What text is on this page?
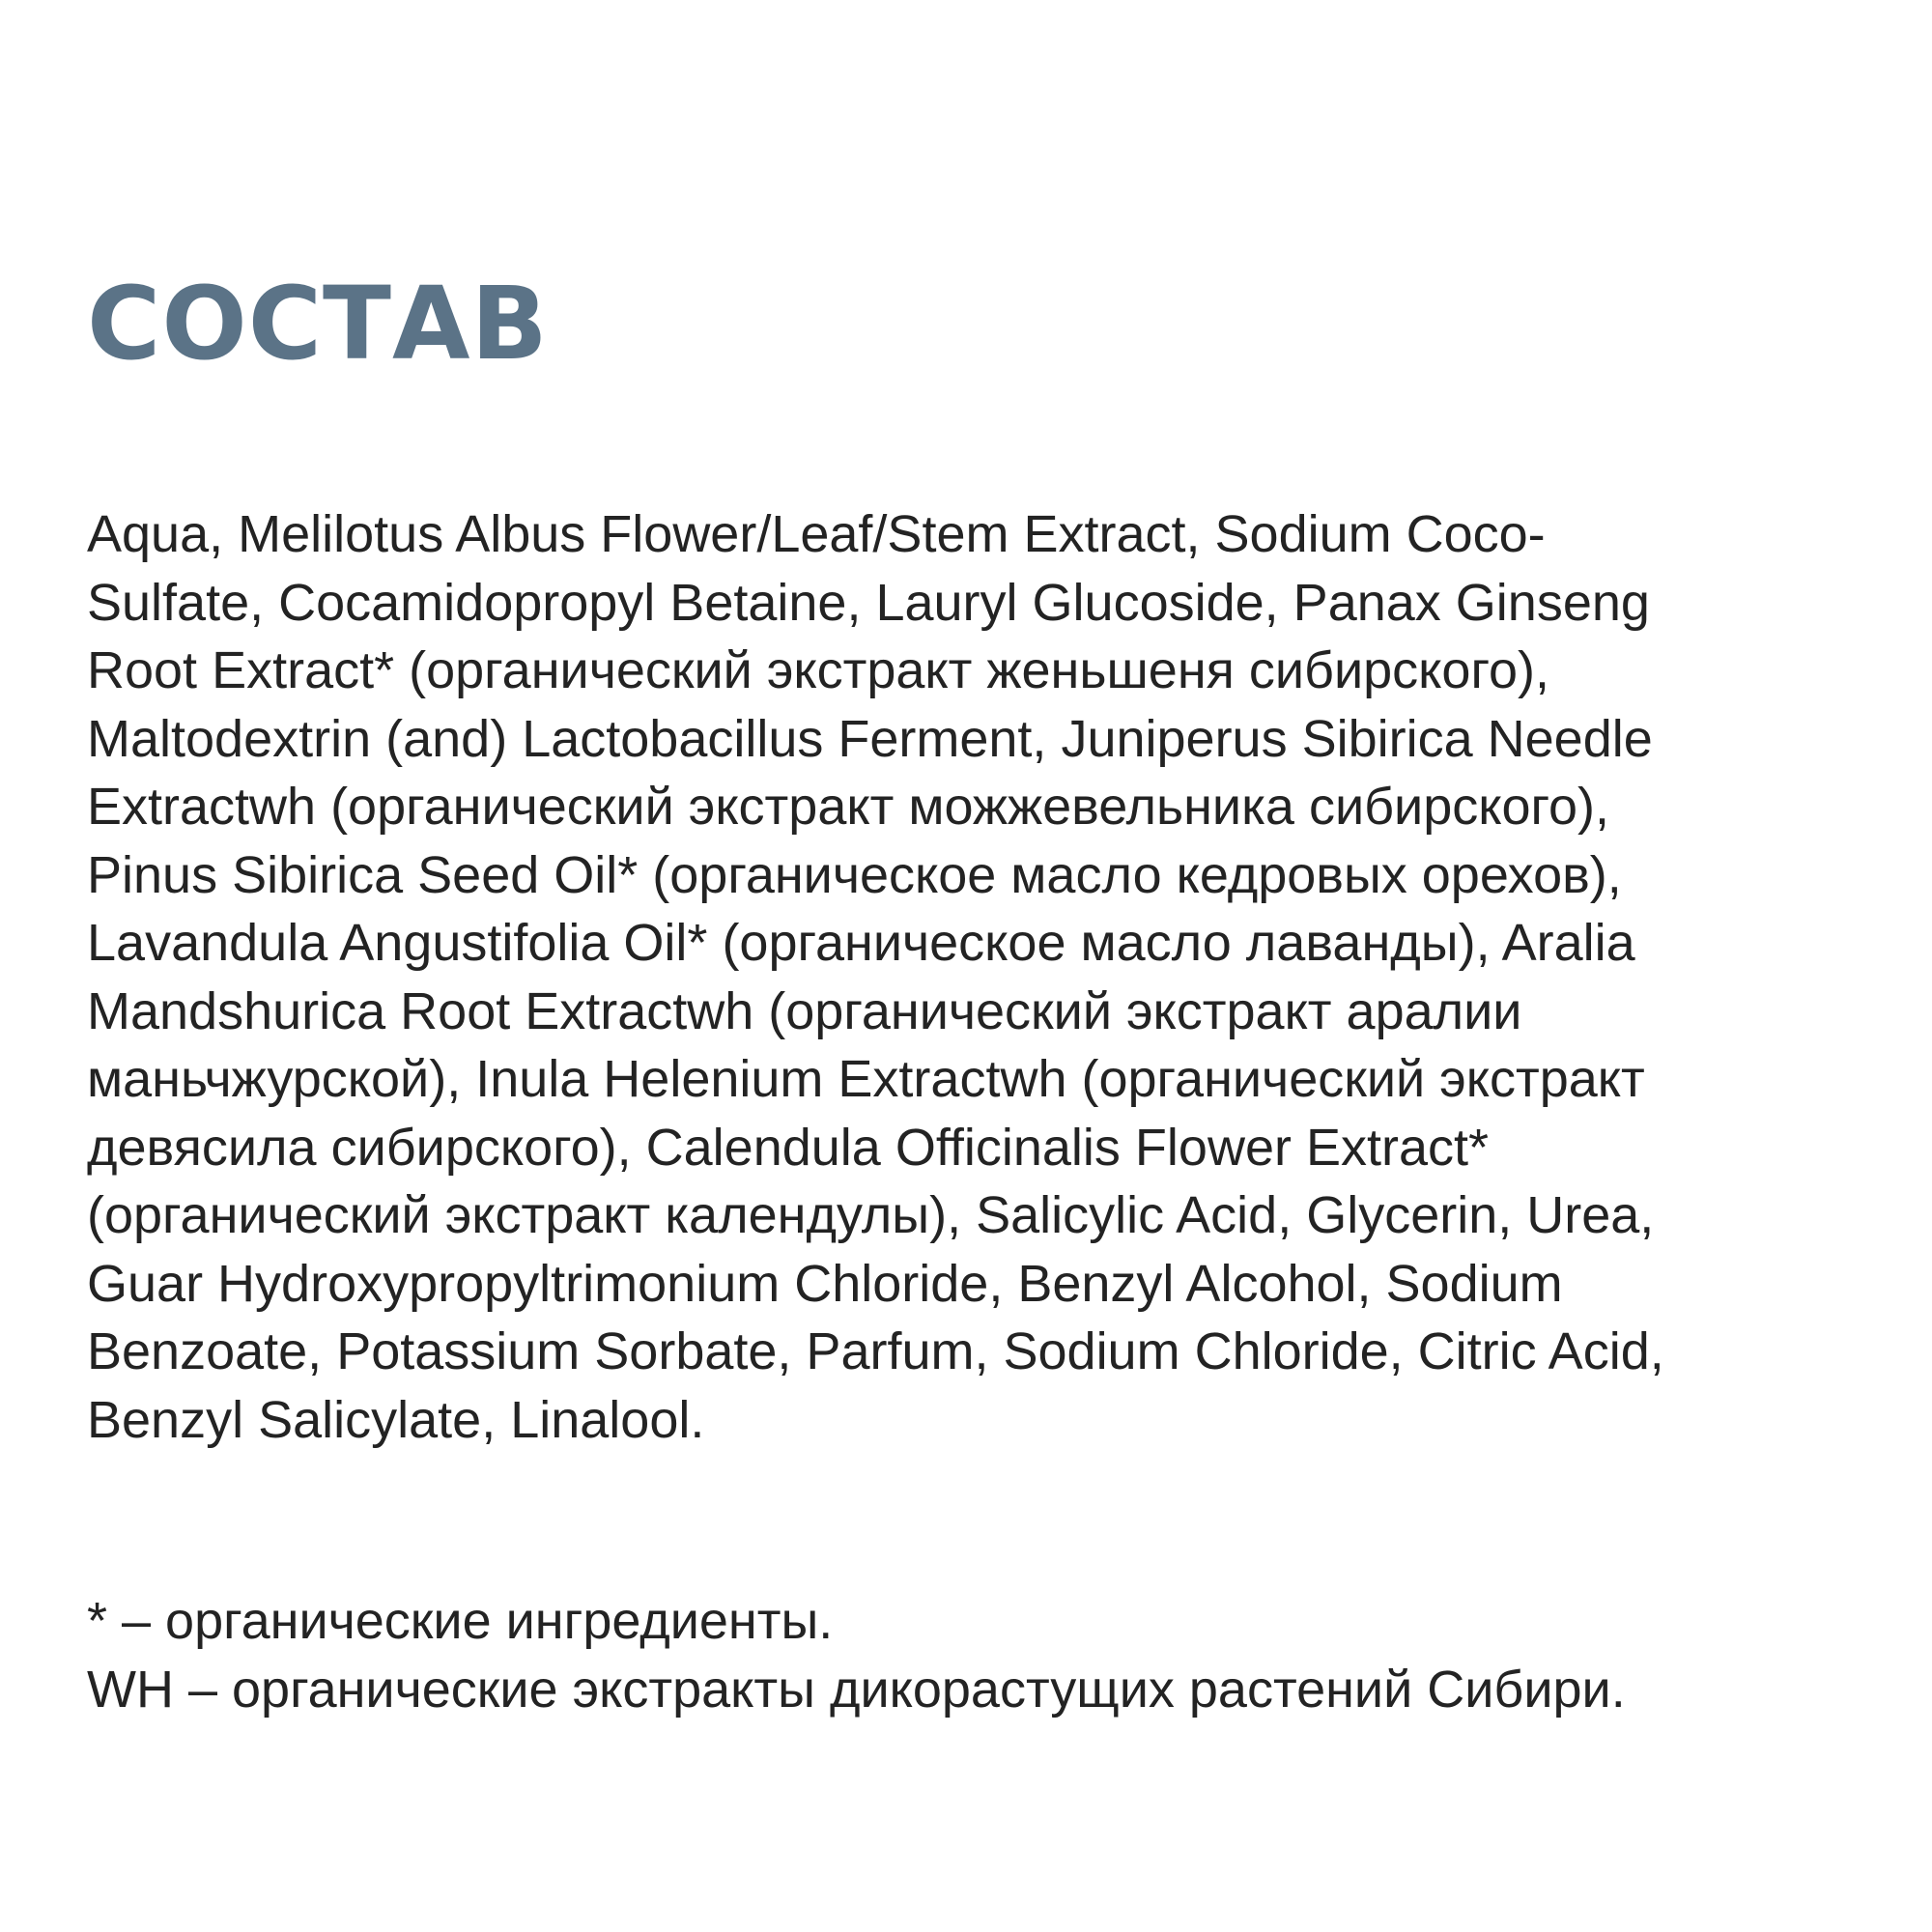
СОСТАВ
Aqua, Melilotus Albus Flower/Leaf/Stem Extract, Sodium Coco-
Sulfate, Cocamidopropyl Betaine, Lauryl Glucoside, Panax Ginseng
Root Extract* (органический экстракт женьшеня сибирского),
Maltodextrin (and) Lactobacillus Ferment, Juniperus Sibirica Needle
Extractwh (органический экстракт можжевельника сибирского),
Pinus Sibirica Seed Oil* (органическое масло кедровых орехов),
Lavandula Angustifolia Oil* (органическое масло лаванды), Aralia
Mandshurica Root Extractwh (органический экстракт аралии
маньчжурской), Inula Helenium Extractwh (органический экстракт
девясила сибирского), Calendula Officinalis Flower Extract*
(органический экстракт календулы), Salicylic Acid, Glycerin, Urea,
Guar Hydroxypropyltrimonium Chloride, Benzyl Alcohol, Sodium
Benzoate, Potassium Sorbate, Parfum, Sodium Chloride, Citric Acid,
Benzyl Salicylate, Linalool.
* – органические ингредиенты.
WH – органические экстракты дикорастущих растений Сибири.
